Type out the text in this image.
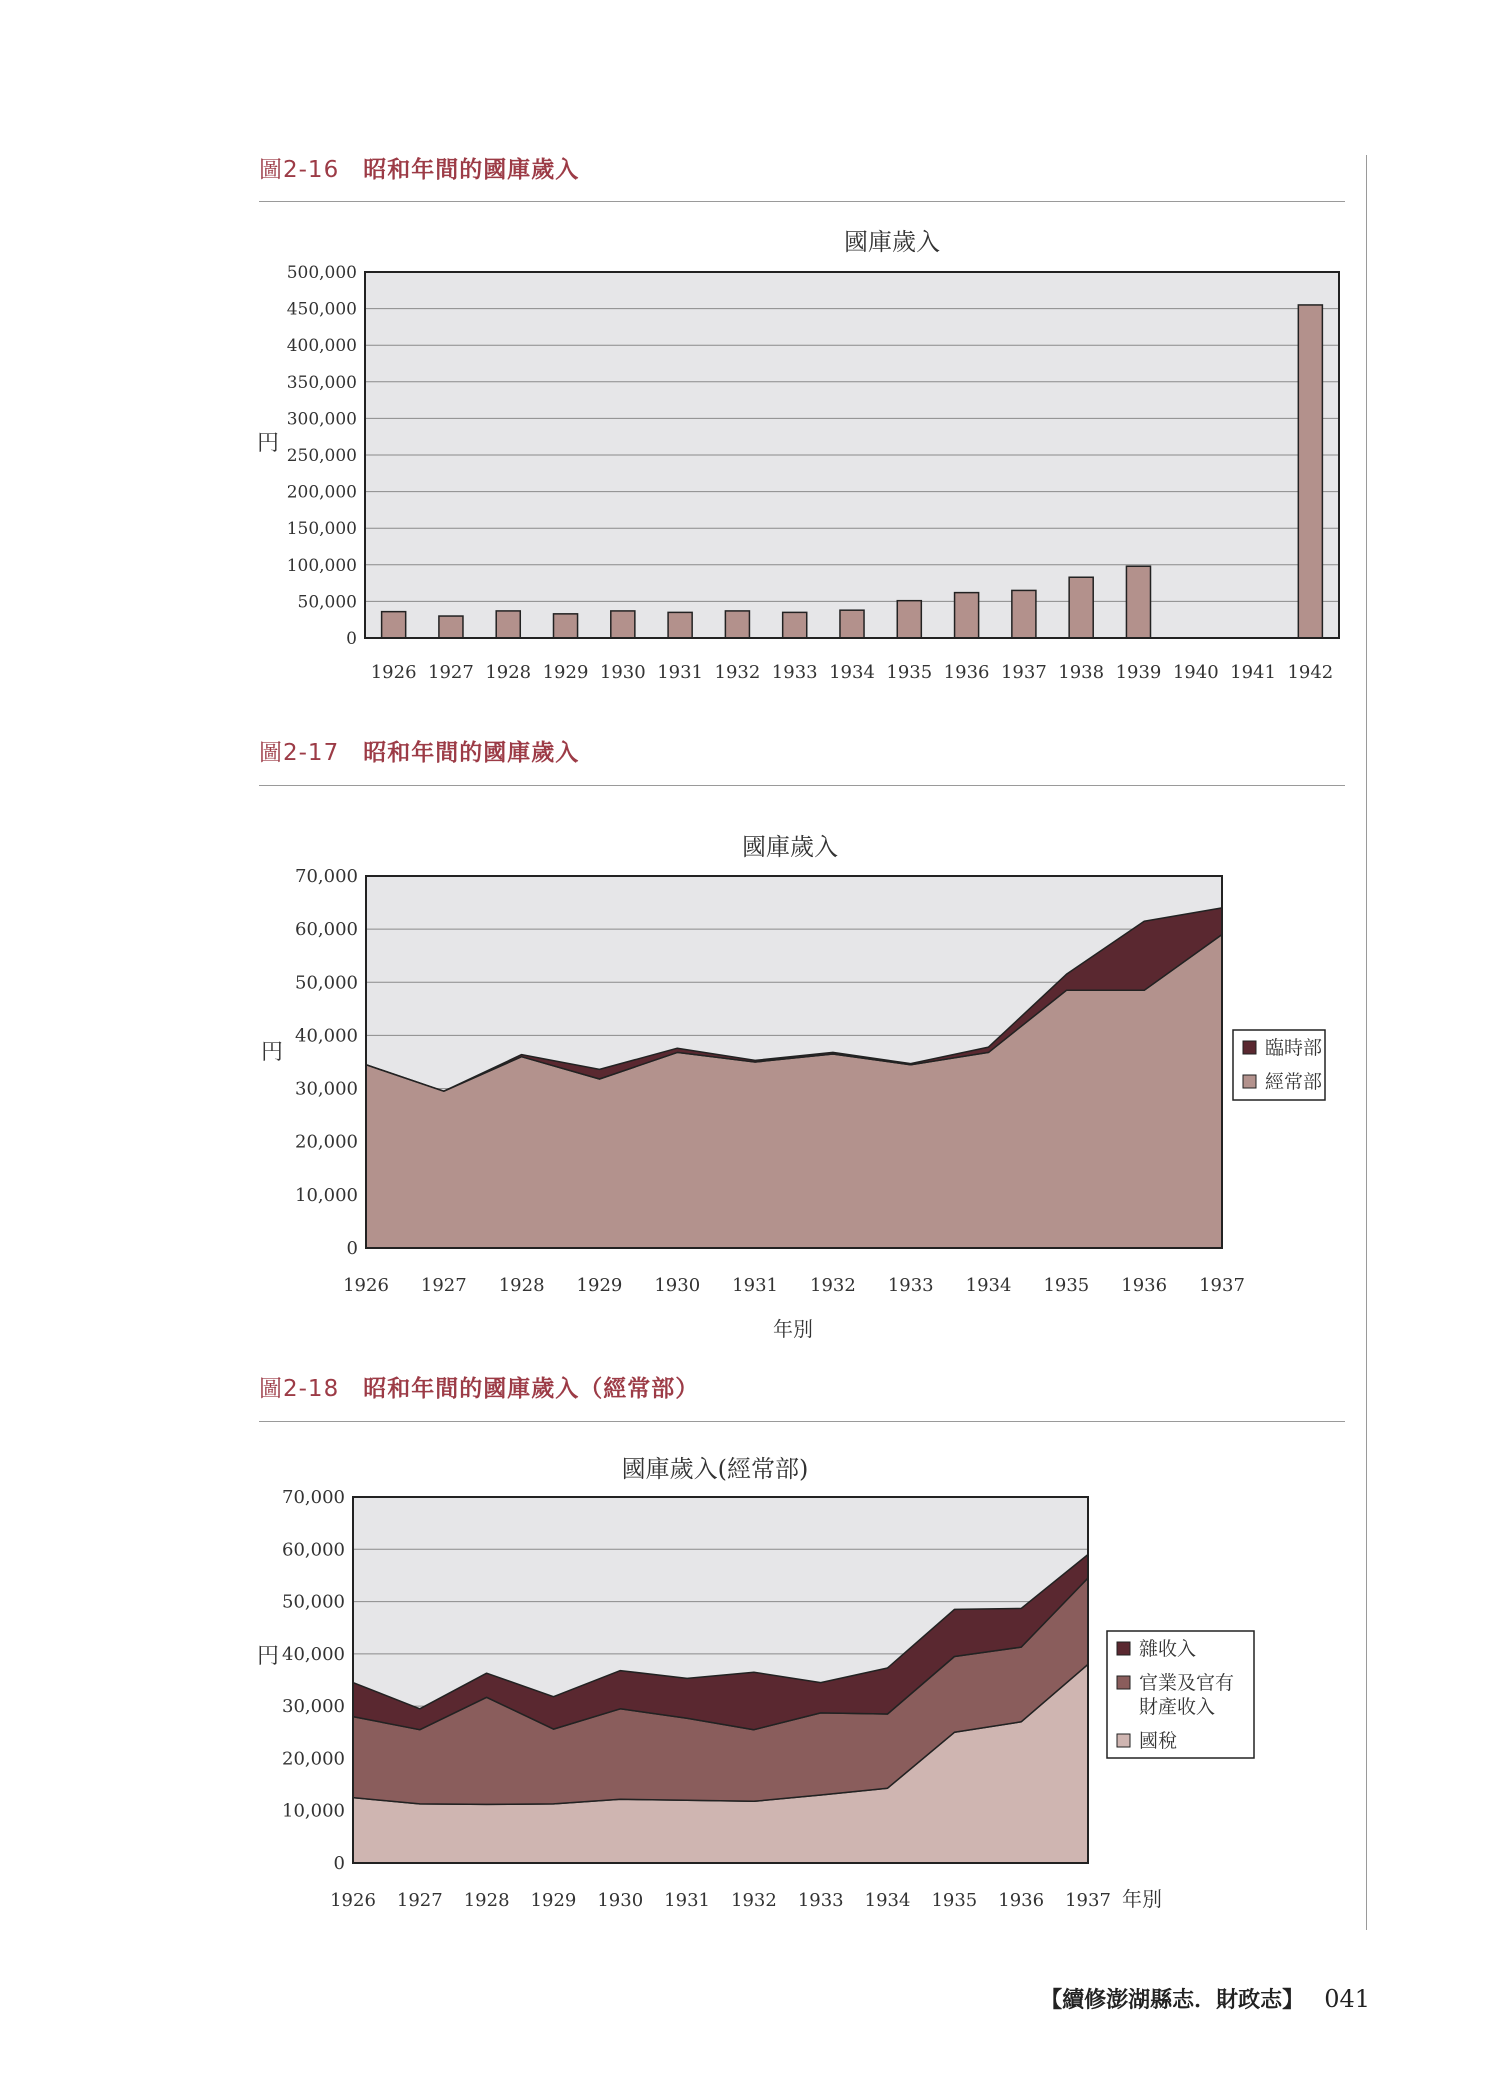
圖2-16 昭和年間的國庫歲入
0
50,000
100,000
150,000
200,000
250,000
300,000
350,000
400,000
450,000
500,000
國庫歲入
円
1926 1927 1928 1929 1930 1931 1932 1933 1934 1935 1936 1937 1938 1939 1940 1941 1942
圖2-17 昭和年間的國庫歲入
0
10,000
20,000
30,000
40,000
50,000
60,000
70,000
國庫歲入
円
1926 1927 1928 1929 1930 1931 1932 1933 1934 1935 1936 1937
年別
臨時部
經常部
圖2-18 昭和年間的國庫歲入（經常部）
0
10,000
20,000
30,000
40,000
50,000
60,000
70,000
國庫歲入(經常部)
円
1926 1927 1928 1929 1930 1931 1932 1933 1934 1935 1936 1937 年別
雜收入
官業及官有
財產收入
國稅
【續修澎湖縣志．財政志】 041
